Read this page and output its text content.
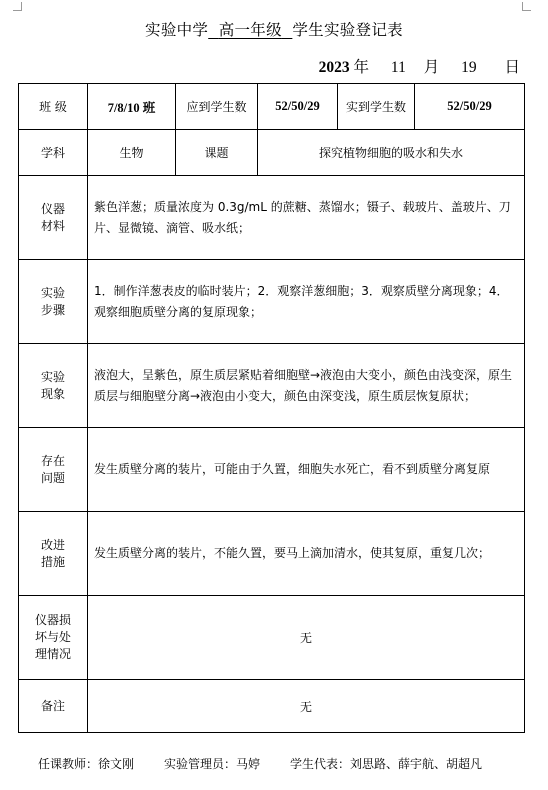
实验中学 高一年级 学生实验登记表
2023 年 11 月 19 日
班 级	7/8/10 班	应到学生数	52/50/29	实到学生数	52/50/29
学科	生物	课题	探究植物细胞的吸水和失水		

仪器
材料	紫色洋葱；质量浓度为 0.3g/mL 的蔗糖、蒸馏水；镊子、载玻片、盖玻片、刀片、显微镜、滴管、吸水纸；				

实验
步骤	1．制作洋葱表皮的临时装片；2．观察洋葱细胞；3．观察质壁分离现象；4．观察细胞质壁分离的复原现象；				

实验
现象	液泡大，呈紫色，原生质层紧贴着细胞壁→液泡由大变小，颜色由浅变深，原生质层与细胞壁分离→液泡由小变大，颜色由深变浅，原生质层恢复原状；				

存在
问题	发生质壁分离的装片，可能由于久置，细胞失水死亡，看不到质壁分离复原				

改进
措施	发生质壁分离的装片，不能久置，要马上滴加清水，使其复原，重复几次；				

仪器损
坏与处
理情况	无				

备注	无				
任课教师：徐文刚	实验管理员：马婷	学生代表：刘思路、薛宇航、胡超凡
